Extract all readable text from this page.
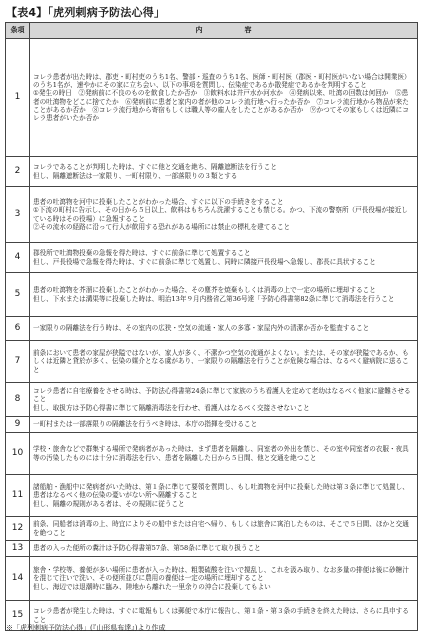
【表4】「虎列剌病予防法心得」
条項	内　　　　　　容
1	コレラ患者が出た時は、郡吏・町村吏のうち1名、警部・巡査のうち1名、医師・町村医（郡医・町村医がいない場合は開業医）のうち1名が、速やかにその家に立ち会い、以下の事項を質問し、伝染症であるか散発症であるかを判明すること
①発生の時日　②発病前に不良のものを飲食したか否か　③飲料水は井戸水か河水か　④発病以来、吐瀉の回数は何回か　⑤患者の吐瀉物をどこに捨てたか　⑥発病前に患者と家内の者が他のコレラ流行地へ行ったか否か　⑦コレラ流行地から物品が来たことがあるか否か　⑧コレラ流行地から寄宿もしくは職人等の雇人をしたことがあるか否か　⑨かつてその家もしくは近隣にコレラ患者がいたか否か
2	コレラであることが判明した時は、すぐに他と交通を絶ち、隔離遮断法を行うこと
但し、隔離遮断法は一家限り、一町村限り、一部落限りの３類とする
3	患者の吐瀉物を河中に投棄したことがわかった場合、すぐに以下の手続きをすること
①下流の町村に告示し、その日から５日以上、飲料はもちろん洗濯することも禁じる。かつ、下流の警察所（戸長役場が接近している時はその役場）に急報すること
②その流水の経路に沿って行人が飲用する恐れがある場所には禁止の標札を建てること
4	郡役所で吐瀉物投棄の急報を得た時は、すぐに前条に準じて処置すること
但し、戸長役場で急報を得た時は、すぐに前条に準じて処置し、同時に隣接戸長役場へ急報し、郡長に具状すること
5	患者の吐瀉物を芥溜に投棄したことがわかった場合、その塵芥を焼棄もしくは消毒の上で一定の場所に埋却すること
但し、下水または溝渠等に投棄した時は、明治13年９月内務省乙第36号達「予防心得書第82条に準じて消毒法を行うこと
6	一家限りの隔離法を行う時は、その室内の広狭・空気の流通・家人の多寡・家屋内外の清潔か否かを監査すること
7	前条において患者の家屋が狭隘ではないが、家人が多く、不潔かつ空気の流通がよくない。または、その家が狭隘であるか、もしくは近隣と貸於が多く、伝染の媒介となる虞があり、一家限りの隔離法を行うことが危険な場合は、なるべく避病院に送ること
8	コレラ患者に自宅療養をさせる時は、予防法心得書第24条に準じて家族のうち看護人を定めて老幼はなるべく他家に避難させること
但し、取扱方は予防心得書に準じて隔離消毒法を行わせ、看護人はなるべく交接させないこと
9	一町村または一部落限りの隔離法を行うべき時は、本庁の指揮を受けること
10	学校・旅舎などで群集する場所で発病者があった時は、まず患者を隔離し、同室者の外出を禁じ、その室や同室者の衣服・夜具等の汚染したものには十分に消毒法を行い、患者を隔離した日から５日間、他と交通を絶つこと
11	諸船舶・漁船中に発病者がいた時は、第１条に準じて要領を質問し、もし吐瀉物を河中に投棄した時は第３条に準じて処置し、患者はなるべく他の伝染の憂いがない所へ隔離すること
但し、隔離の規則がある者は、その規則に従うこと
12	前条、同船者は消毒の上、時宜によりその船中または自宅へ帰り、もしくは旅舎に寓泊したものは、そこで５日間、ほかと交通を絶つこと
13	患者の入った便所の糞汁は予防心得書第57条、第58条に準じて取り扱うこと
14	旅舎・学校等、養便が多い場所に患者が入った時は、粗製硫酸を注いで撹乱し、これを汲み取り、なお多量の排便は後に砂糖汁を混じて注いで洗い、その便所並びに農用の養便は一定の場所に埋却すること
但し、海辺では退潮時に臨み、陸地から離れた一里余りの沖合に投棄してもよい
15	コレラ患者が発生した時は、すぐに電報もしくは郵便で本庁に報告し、第１条・第３条の手続きを終えた時は、さらに具申すること
※「虎列剌病予防法心得」(『山形県布達』)より作成
